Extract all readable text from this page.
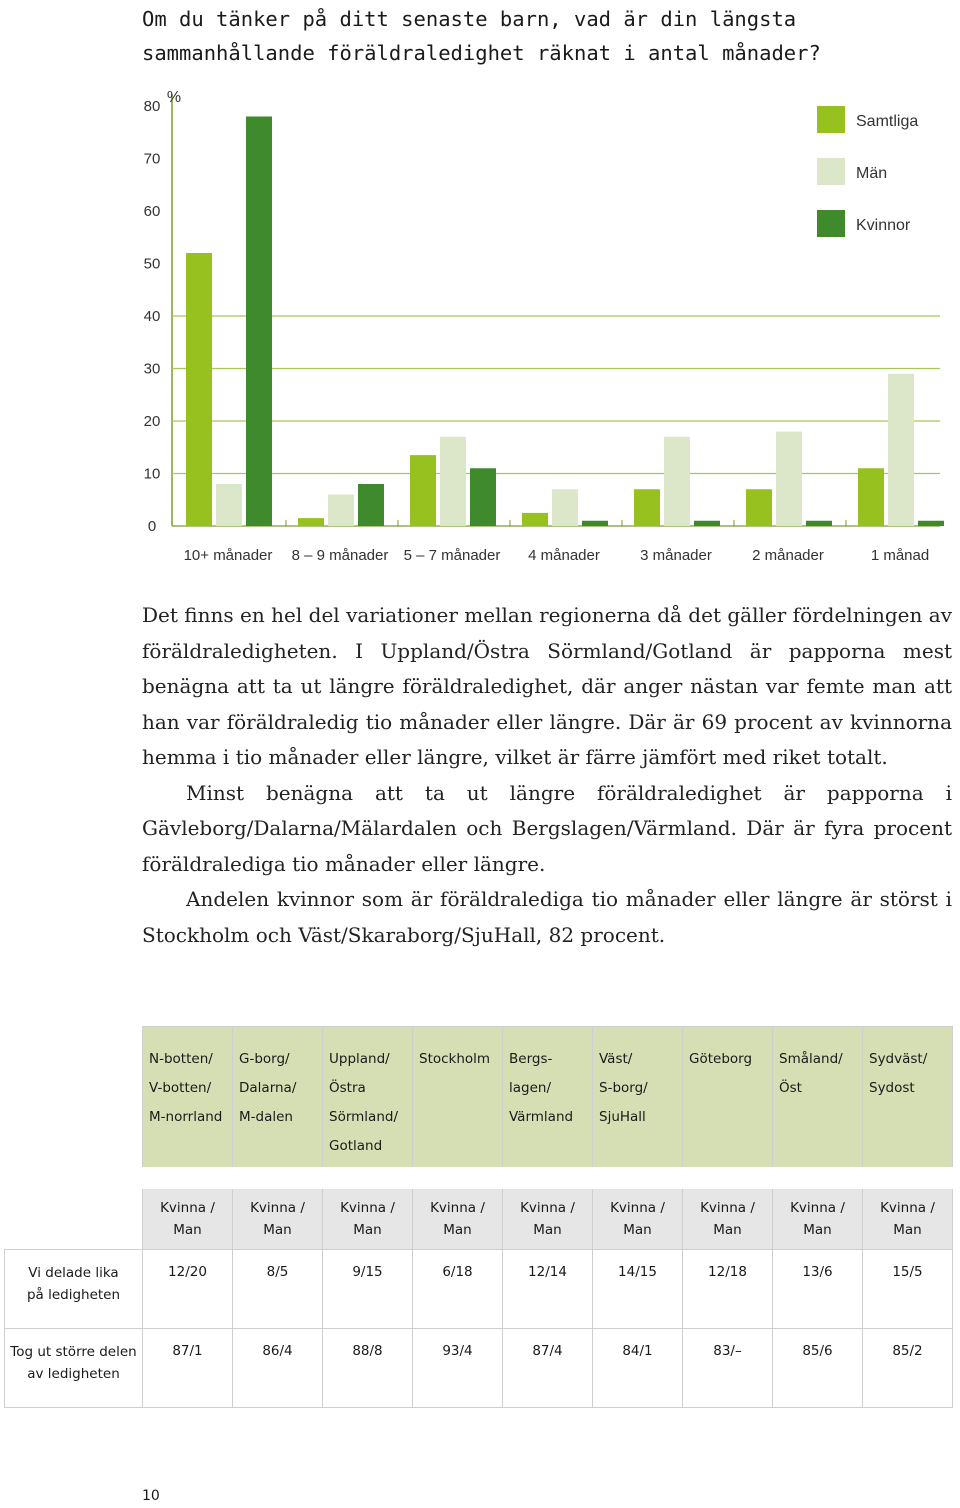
Om du tänker på ditt senaste barn, vad är din längsta sammanhållande föräldraledighet räknat i antal månader?
0
10
20
30
40
50
60
70
80
%
10+ månader 8 – 9 månader 5 – 7 månader 4 månader	3 månader	2 månader	1 månad
Samtliga
Män
Kvinnor

Det finns en hel del variationer mellan regionerna då det gäller fördelningen av föräldraledigheten. I Uppland/Östra Sörmland/Gotland är papporna mest benägna att ta ut längre föräldraledighet, där anger nästan var femte man att han var föräldraledig tio månader eller längre. Där är 69 procent av kvinnorna hemma i tio månader eller längre, vilket är färre jämfört med riket totalt.

Minst benägna att ta ut längre föräldraledighet är papporna i Gävleborg/Dalarna/Mälardalen och Bergslagen/Värmland. Där är fyra procent föräldralediga tio månader eller längre.

Andelen kvinnor som är föräldralediga tio månader eller längre är störst i Stockholm och Väst/Skaraborg/SjuHall, 82 procent.

	N-botten/
V-botten/
M-norrland	G-borg/
Dalarna/
M-dalen	Uppland/
Östra
Sörmland/
Gotland	Stockholm	Bergs-
lagen/
Värmland	Väst/
S-borg/
SjuHall	Göteborg	Småland/
Öst	Sydväst/
Sydost

	Kvinna /
Man	Kvinna /
Man	Kvinna /
Man	Kvinna /
Man	Kvinna /
Man	Kvinna /
Man	Kvinna /
Man	Kvinna /
Man	Kvinna /
Man
Vi delade lika
på ledigheten	12/20	8/5	9/15	6/18	12/14	14/15	12/18	13/6	15/5
Tog ut större delen
av ledigheten	87/1	86/4	88/8	93/4	87/4	84/1	83/–	85/6	85/2
10
